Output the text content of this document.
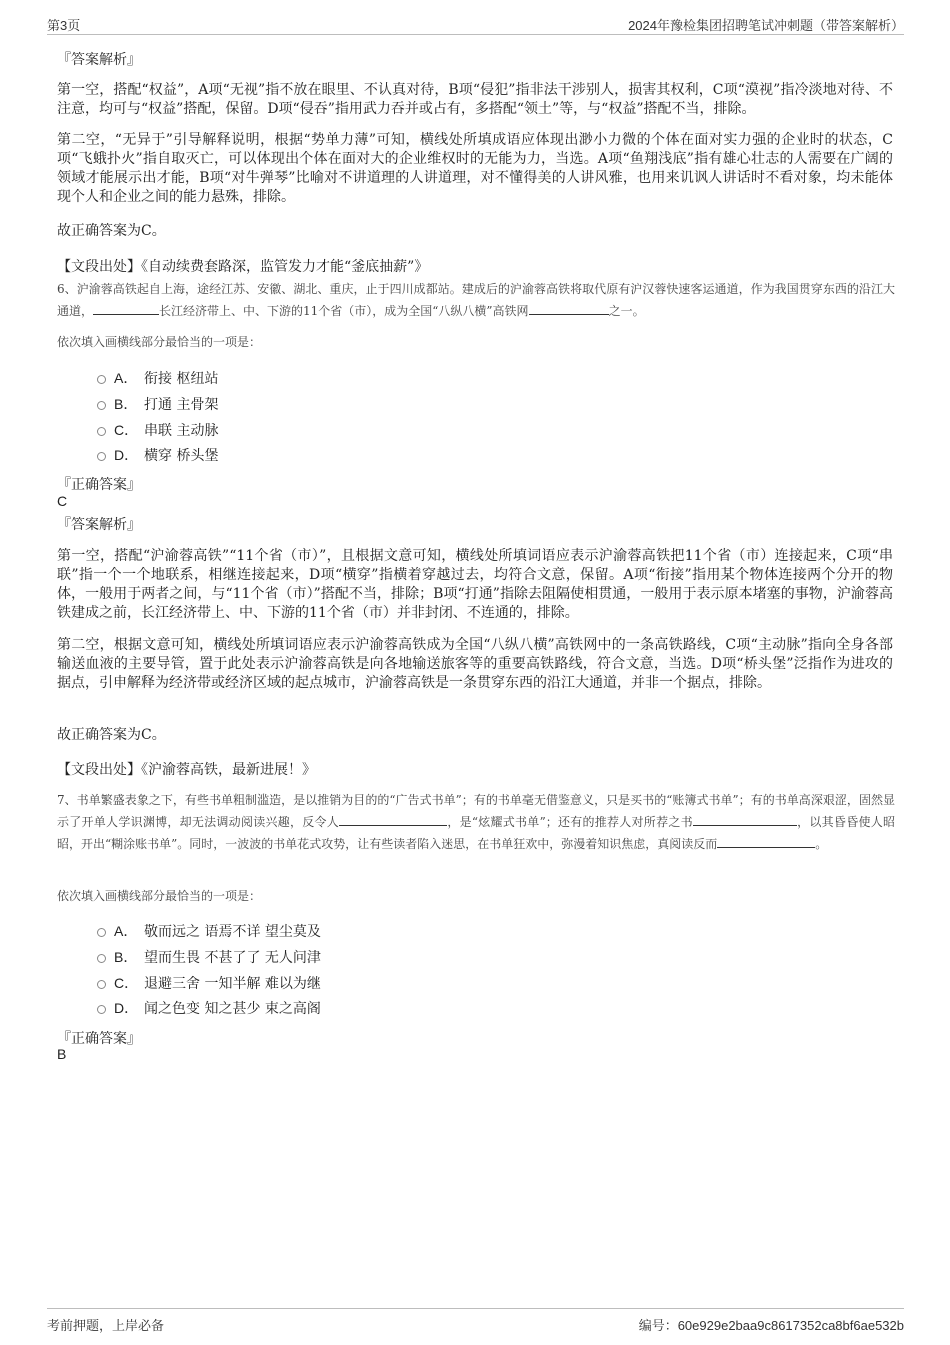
第3页	2024年豫检集团招聘笔试冲刺题（带答案解析）
『答案解析』
第一空，搭配“权益”，A项“无视”指不放在眼里、不认真对待，B项“侵犯”指非法干涉别人，损害其权利，C项“漠视”指冷淡地对待、不注意，均可与“权益”搭配，保留。D项“侵吞”指用武力吞并或占有，多搭配“领土”等，与“权益”搭配不当，排除。
第二空，“无异于”引导解释说明，根据“势单力薄”可知，横线处所填成语应体现出渺小力微的个体在面对实力强的企业时的状态，C项“飞蛾扑火”指自取灭亡，可以体现出个体在面对大的企业维权时的无能为力，当选。A项“鱼翔浅底”指有雄心壮志的人需要在广阔的领域才能展示出才能，B项“对牛弹琴”比喻对不讲道理的人讲道理，对不懂得美的人讲风雅，也用来讥讽人讲话时不看对象，均未能体现个人和企业之间的能力悬殊，排除。
故正确答案为C。
【文段出处】《自动续费套路深，监管发力才能“釜底抽薪”》
6、沪渝蓉高铁起自上海，途经江苏、安徽、湖北、重庆，止于四川成都站。建成后的沪渝蓉高铁将取代原有沪汉蓉快速客运通道，作为我国贯穿东西的沿江大通道，	长江经济带上、中、下游的11个省（市），成为全国“八纵八横”高铁网	之一。
依次填入画横线部分最恰当的一项是：
A． 衔接 枢纽站
B． 打通 主骨架
C． 串联 主动脉
D． 横穿 桥头堡
『正确答案』
C
『答案解析』
第一空，搭配“沪渝蓉高铁”“11个省（市）”，且根据文意可知，横线处所填词语应表示沪渝蓉高铁把11个省（市）连接起来，C项“串联”指一个一个地联系，相继连接起来，D项“横穿”指横着穿越过去，均符合文意，保留。A项“衔接”指用某个物体连接两个分开的物体，一般用于两者之间，与“11个省（市）”搭配不当，排除；B项“打通”指除去阻隔使相贯通，一般用于表示原本堵塞的事物，沪渝蓉高铁建成之前，长江经济带上、中、下游的11个省（市）并非封闭、不连通的，排除。
第二空，根据文意可知，横线处所填词语应表示沪渝蓉高铁成为全国“八纵八横”高铁网中的一条高铁路线，C项“主动脉”指向全身各部输送血液的主要导管，置于此处表示沪渝蓉高铁是向各地输送旅客等的重要高铁路线，符合文意，当选。D项“桥头堡”泛指作为进攻的据点，引申解释为经济带或经济区域的起点城市，沪渝蓉高铁是一条贯穿东西的沿江大通道，并非一个据点，排除。
故正确答案为C。
【文段出处】《沪渝蓉高铁，最新进展！》
7、书单繁盛表象之下，有些书单粗制滥造，是以推销为目的的“广告式书单”；有的书单毫无借鉴意义，只是买书的“账簿式书单”；有的书单高深艰涩，固然显示了开单人学识渊博，却无法调动阅读兴趣，反令人	，是“炫耀式书单”；还有的推荐人对所荐之书	，以其昏昏使人昭昭，开出“糊涂账书单”。同时，一波波的书单花式攻势，让有些读者陷入迷思，在书单狂欢中，弥漫着知识焦虑，真阅读反而	。
依次填入画横线部分最恰当的一项是：
A． 敬而远之 语焉不详 望尘莫及
B． 望而生畏 不甚了了 无人问津
C． 退避三舍 一知半解 难以为继
D． 闻之色变 知之甚少 束之高阁
『正确答案』
B
考前押题，上岸必备	编号：60e929e2baa9c8617352ca8bf6ae532b
